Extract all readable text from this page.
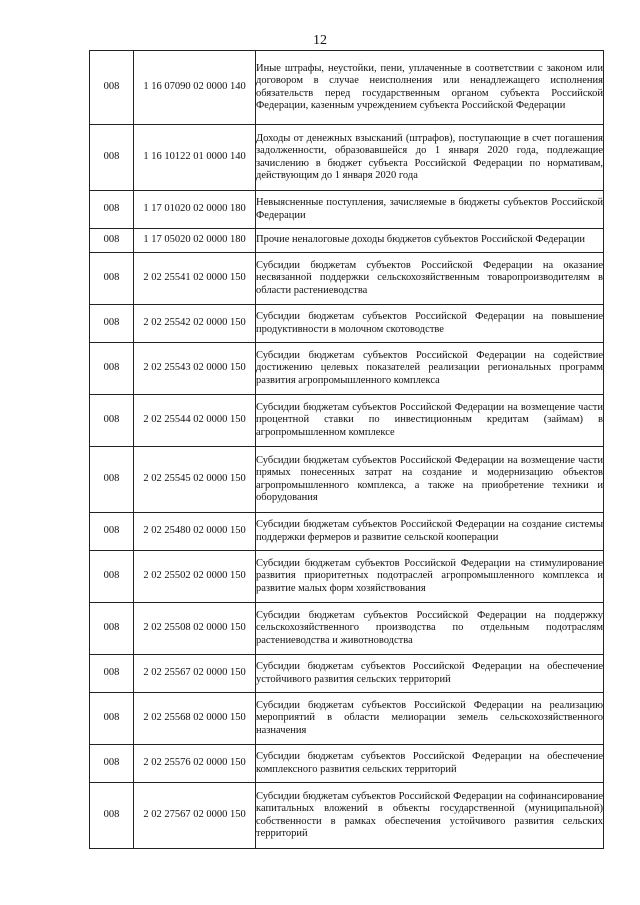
12
008	1 16 07090 02 0000 140	Иные штрафы, неустойки, пени, уплаченные в соответствии с законом или договором в случае неисполнения или ненадлежащего исполнения обязательств перед государственным органом субъекта Российской Федерации, казенным учреждением субъекта Российской Федерации
008	1 16 10122 01 0000 140	Доходы от денежных взысканий (штрафов), поступающие в счет погашения задолженности, образовавшейся до 1 января 2020 года, подлежащие зачислению в бюджет субъекта Российской Федерации по нормативам, действующим до 1 января 2020 года
008	1 17 01020 02 0000 180	Невыясненные поступления, зачисляемые в бюджеты субъектов Российской Федерации
008	1 17 05020 02 0000 180	Прочие неналоговые доходы бюджетов субъектов Российской Федерации
008	2 02 25541 02 0000 150	Субсидии бюджетам субъектов Российской Федерации на оказание несвязанной поддержки сельскохозяйственным товаропроизводителям в области растениеводства
008	2 02 25542 02 0000 150	Субсидии бюджетам субъектов Российской Федерации на повышение продуктивности в молочном скотоводстве
008	2 02 25543 02 0000 150	Субсидии бюджетам субъектов Российской Федерации на содействие достижению целевых показателей реализации региональных программ развития агропромышленного комплекса
008	2 02 25544 02 0000 150	Субсидии бюджетам субъектов Российской Федерации на возмещение части процентной ставки по инвестиционным кредитам (займам) в агропромышленном комплексе
008	2 02 25545 02 0000 150	Субсидии бюджетам субъектов Российской Федерации на возмещение части прямых понесенных затрат на создание и модернизацию объектов агропромышленного комплекса, а также на приобретение техники и оборудования
008	2 02 25480 02 0000 150	Субсидии бюджетам субъектов Российской Федерации на создание системы поддержки фермеров и развитие сельской кооперации
008	2 02 25502 02 0000 150	Субсидии бюджетам субъектов Российской Федерации на стимулирование развития приоритетных подотраслей агропромышленного комплекса и развитие малых форм хозяйствования
008	2 02 25508 02 0000 150	Субсидии бюджетам субъектов Российской Федерации на поддержку сельскохозяйственного производства по отдельным подотраслям растениеводства и животноводства
008	2 02 25567 02 0000 150	Субсидии бюджетам субъектов Российской Федерации на обеспечение устойчивого развития сельских территорий
008	2 02 25568 02 0000 150	Субсидии бюджетам субъектов Российской Федерации на реализацию мероприятий в области мелиорации земель сельскохозяйственного назначения
008	2 02 25576 02 0000 150	Субсидии бюджетам субъектов Российской Федерации на обеспечение комплексного развития сельских территорий
008	2 02 27567 02 0000 150	Субсидии бюджетам субъектов Российской Федерации на софинансирование капитальных вложений в объекты государственной (муниципальной) собственности в рамках обеспечения устойчивого развития сельских территорий
